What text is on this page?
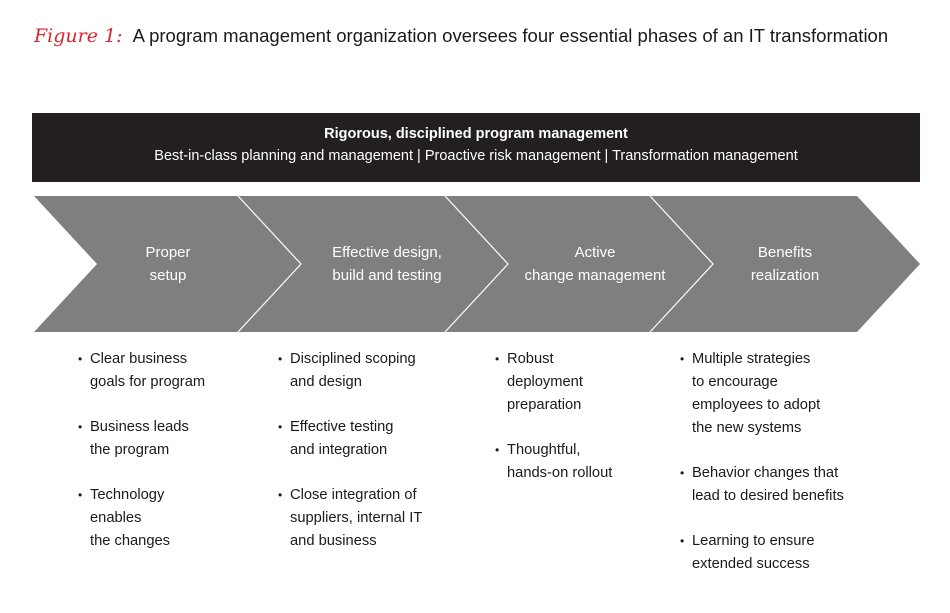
Figure 1: A program management organization oversees four essential phases of an IT transformation
Rigorous, disciplined program management
Best-in-class planning and management | Proactive risk management | Transformation management
Proper
setup
Effective design,
build and testing
Active
change management
Benefits
realization
• Clear business
goals for program
• Business leads
the program
• Technology
enables
the changes
• Disciplined scoping
and design
• Effective testing
and integration
• Close integration of
suppliers, internal IT
and business
• Robust
deployment
preparation
• Thoughtful,
hands-on rollout
• Multiple strategies
to encourage
employees to adopt
the new systems
• Behavior changes that
lead to desired benefits
• Learning to ensure
extended success
